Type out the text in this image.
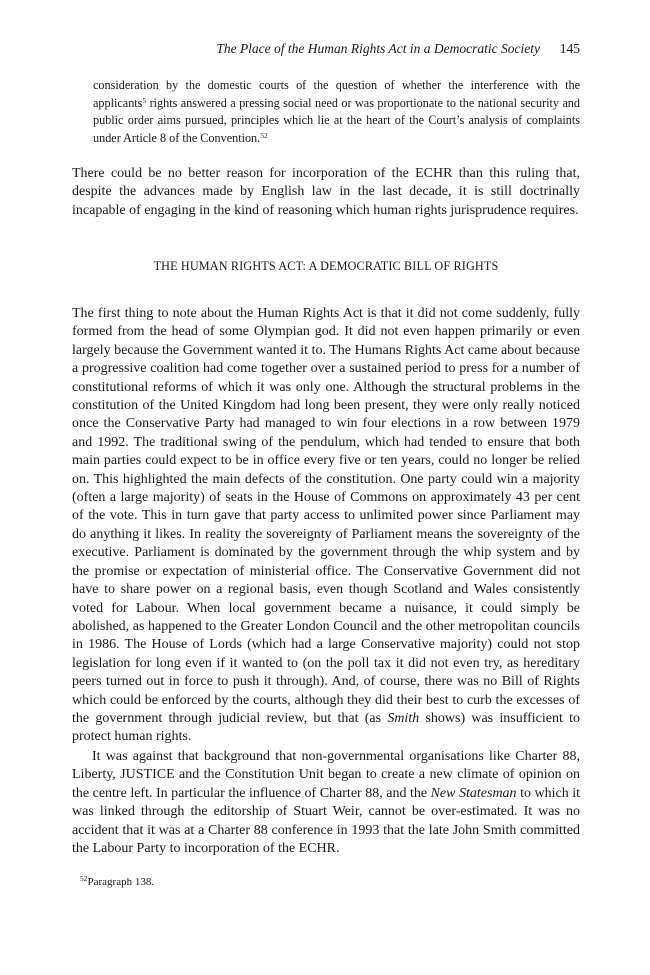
The Place of the Human Rights Act in a Democratic Society 145
consideration by the domestic courts of the question of whether the interference with the applicants$^5$ rights answered a pressing social need or was proportionate to the national security and public order aims pursued, principles which lie at the heart of the Court’s analysis of complaints under Article 8 of the Convention.$^{52}$

There could be no better reason for incorporation of the ECHR than this ruling that, despite the advances made by English law in the last decade, it is still doctrinally incapable of engaging in the kind of reasoning which human rights jurisprudence requires.

THE HUMAN RIGHTS ACT: A DEMOCRATIC BILL OF RIGHTS

The first thing to note about the Human Rights Act is that it did not come suddenly, fully formed from the head of some Olympian god. It did not even happen primarily or even largely because the Government wanted it to. The Humans Rights Act came about because a progressive coalition had come together over a sustained period to press for a number of constitutional reforms of which it was only one. Although the structural problems in the constitution of the United Kingdom had long been present, they were only really noticed once the Conservative Party had managed to win four elections in a row between 1979 and 1992. The traditional swing of the pendulum, which had tended to ensure that both main parties could expect to be in office every five or ten years, could no longer be relied on. This highlighted the main defects of the constitution. One party could win a majority (often a large majority) of seats in the House of Commons on approximately 43 per cent of the vote. This in turn gave that party access to unlimited power since Parliament may do anything it likes. In reality the sovereignty of Parliament means the sovereignty of the executive. Parliament is dominated by the government through the whip system and by the promise or expectation of ministerial office. The Conservative Government did not have to share power on a regional basis, even though Scotland and Wales consistently voted for Labour. When local government became a nuisance, it could simply be abolished, as happened to the Greater London Council and the other metropolitan councils in 1986. The House of Lords (which had a large Conservative majority) could not stop legislation for long even if it wanted to (on the poll tax it did not even try, as hereditary peers turned out in force to push it through). And, of course, there was no Bill of Rights which could be enforced by the courts, although they did their best to curb the excesses of the government through judicial review, but that (as Smith shows) was insufficient to protect human rights.

It was against that background that non-governmental organisations like Charter 88, Liberty, JUSTICE and the Constitution Unit began to create a new climate of opinion on the centre left. In particular the influence of Charter 88, and the New Statesman to which it was linked through the editorship of Stuart Weir, cannot be over-estimated. It was no accident that it was at a Charter 88 conference in 1993 that the late John Smith committed the Labour Party to incorporation of the ECHR.

$^{52}$Paragraph 138.
